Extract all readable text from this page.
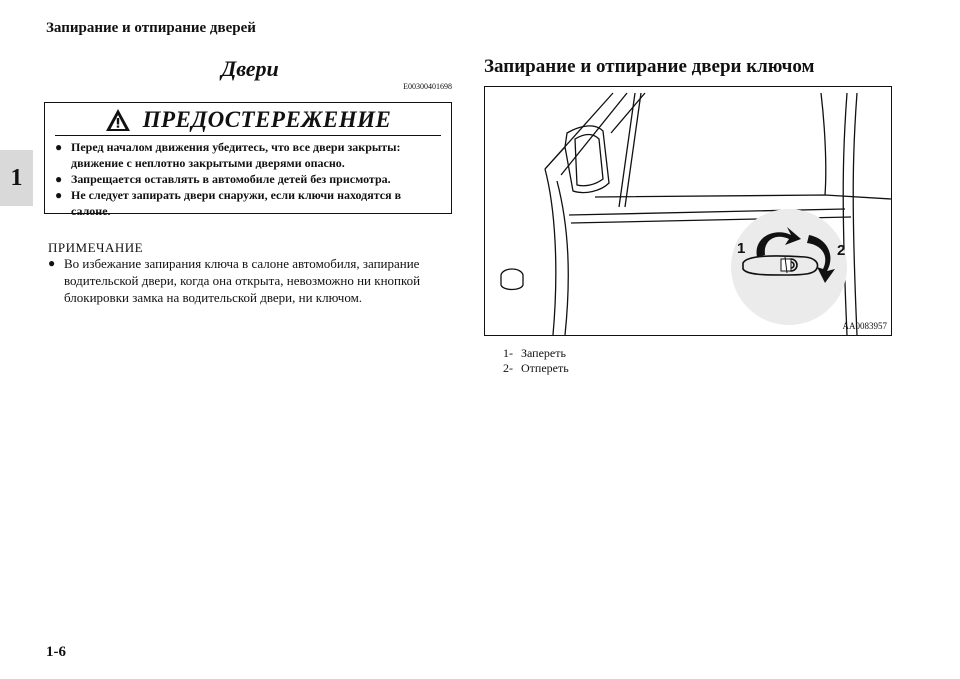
Запирание и отпирание дверей
1
Двери
E00300401698
ПРЕДОСТЕРЕЖЕНИЕ
● Перед началом движения убедитесь, что все двери закрыты: движение с неплотно закрытыми дверями опасно.
● Запрещается оставлять в автомобиле детей без присмотра.
● Не следует запирать двери снаружи, если ключи находятся в салоне.
ПРИМЕЧАНИЕ
● Во избежание запирания ключа в салоне автомобиля, запирание водительской двери, когда она открыта, невозможно ни кнопкой блокировки замка на водительской двери, ни ключом.
Запирание и отпирание двери ключом
1	2
AA0083957
1- Запереть
2- Отпереть
1-6
